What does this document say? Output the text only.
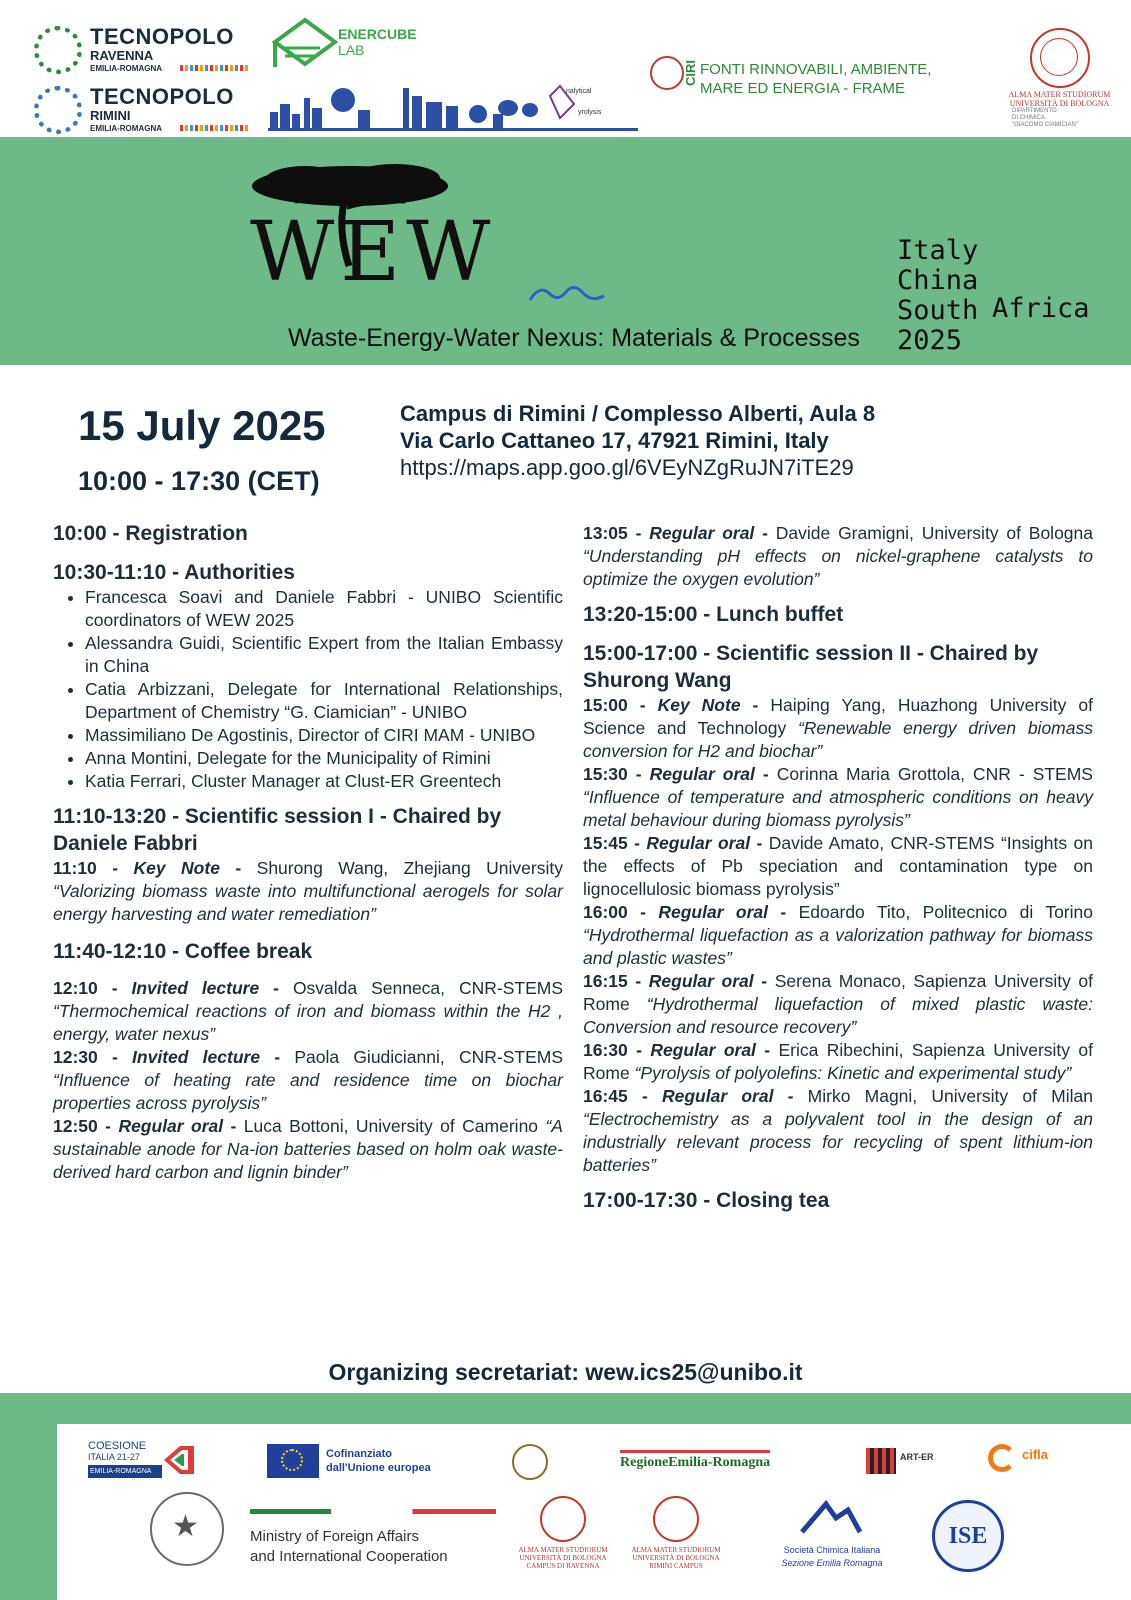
TECNOPOLO
RAVENNA
EMILIA-ROMAGNA
TECNOPOLO
RIMINI
EMILIA-ROMAGNA
ENERCUBE
LAB
nalytical
yrolysis
CIRI FONTI RINNOVABILI, AMBIENTE,
MARE ED ENERGIA - FRAME	ALMA MATER STUDIORUM
UNIVERSITÀ DI BOLOGNA
DIPARTIMENTO
DI CHIMICA
"GIACOMO CIAMICIAN"
WEW
Waste-Energy-Water Nexus: Materials & Processes
Italy
China
South
2025
Africa
15 July 2025
10:00 - 17:30 (CET)
Campus di Rimini / Complesso Alberti, Aula 8
Via Carlo Cattaneo 17, 47921 Rimini, Italy
https://maps.app.goo.gl/6VEyNZgRuJN7iTE29
10:00 - Registration
10:30-11:10 - Authorities
• Francesca Soavi and Daniele Fabbri - UNIBO Scientific coordinators of WEW 2025
• Alessandra Guidi, Scientific Expert from the Italian Embassy in China
• Catia Arbizzani, Delegate for International Relationships, Department of Chemistry “G. Ciamician” - UNIBO
• Massimiliano De Agostinis, Director of CIRI MAM - UNIBO
• Anna Montini, Delegate for the Municipality of Rimini
• Katia Ferrari, Cluster Manager at Clust-ER Greentech
11:10-13:20 - Scientific session I - Chaired by Daniele Fabbri

11:10 - Key Note - Shurong Wang, Zhejiang University “Valorizing biomass waste into multifunctional aerogels for solar energy harvesting and water remediation”

11:40-12:10 - Coffee break

12:10 - Invited lecture - Osvalda Senneca, CNR-STEMS “Thermochemical reactions of iron and biomass within the H2 , energy, water nexus”

12:30 - Invited lecture - Paola Giudicianni, CNR-STEMS “Influence of heating rate and residence time on biochar properties across pyrolysis”

12:50 - Regular oral - Luca Bottoni, University of Camerino “A sustainable anode for Na-ion batteries based on holm oak waste-derived hard carbon and lignin binder”

13:05 - Regular oral - Davide Gramigni, University of Bologna “Understanding pH effects on nickel-graphene catalysts to optimize the oxygen evolution”

13:20-15:00 - Lunch buffet
15:00-17:00 - Scientific session II - Chaired by Shurong Wang

15:00 - Key Note - Haiping Yang, Huazhong University of Science and Technology “Renewable energy driven biomass conversion for H2 and biochar”

15:30 - Regular oral - Corinna Maria Grottola, CNR - STEMS “Influence of temperature and atmospheric conditions on heavy metal behaviour during biomass pyrolysis”

15:45 - Regular oral - Davide Amato, CNR-STEMS “Insights on the effects of Pb speciation and contamination type on lignocellulosic biomass pyrolysis”

16:00 - Regular oral - Edoardo Tito, Politecnico di Torino “Hydrothermal liquefaction as a valorization pathway for biomass and plastic wastes”

16:15 - Regular oral - Serena Monaco, Sapienza University of Rome “Hydrothermal liquefaction of mixed plastic waste: Conversion and resource recovery”

16:30 - Regular oral - Erica Ribechini, Sapienza University of Rome “Pyrolysis of polyolefins: Kinetic and experimental study”

16:45 - Regular oral - Mirko Magni, University of Milan “Electrochemistry as a polyvalent tool in the design of an industrially relevant process for recycling of spent lithium-ion batteries”

17:00-17:30 - Closing tea
Organizing secretariat: wew.ics25@unibo.it
COESIONE
ITALIA 21-27
EMILIA-ROMAGNA
Cofinanziato
dall'Unione europea	RegioneEmilia-Romagna	ART-ER	cifla
★	Ministry of Foreign Affairs
and International Cooperation	ALMA MATER STUDIORUM
UNIVERSITÀ DI BOLOGNA
CAMPUS DI RAVENNA
ALMA MATER STUDIORUM
UNIVERSITÀ DI BOLOGNA
RIMINI CAMPUS
Società Chimica Italiana
Sezione Emilia Romagna
ISE
